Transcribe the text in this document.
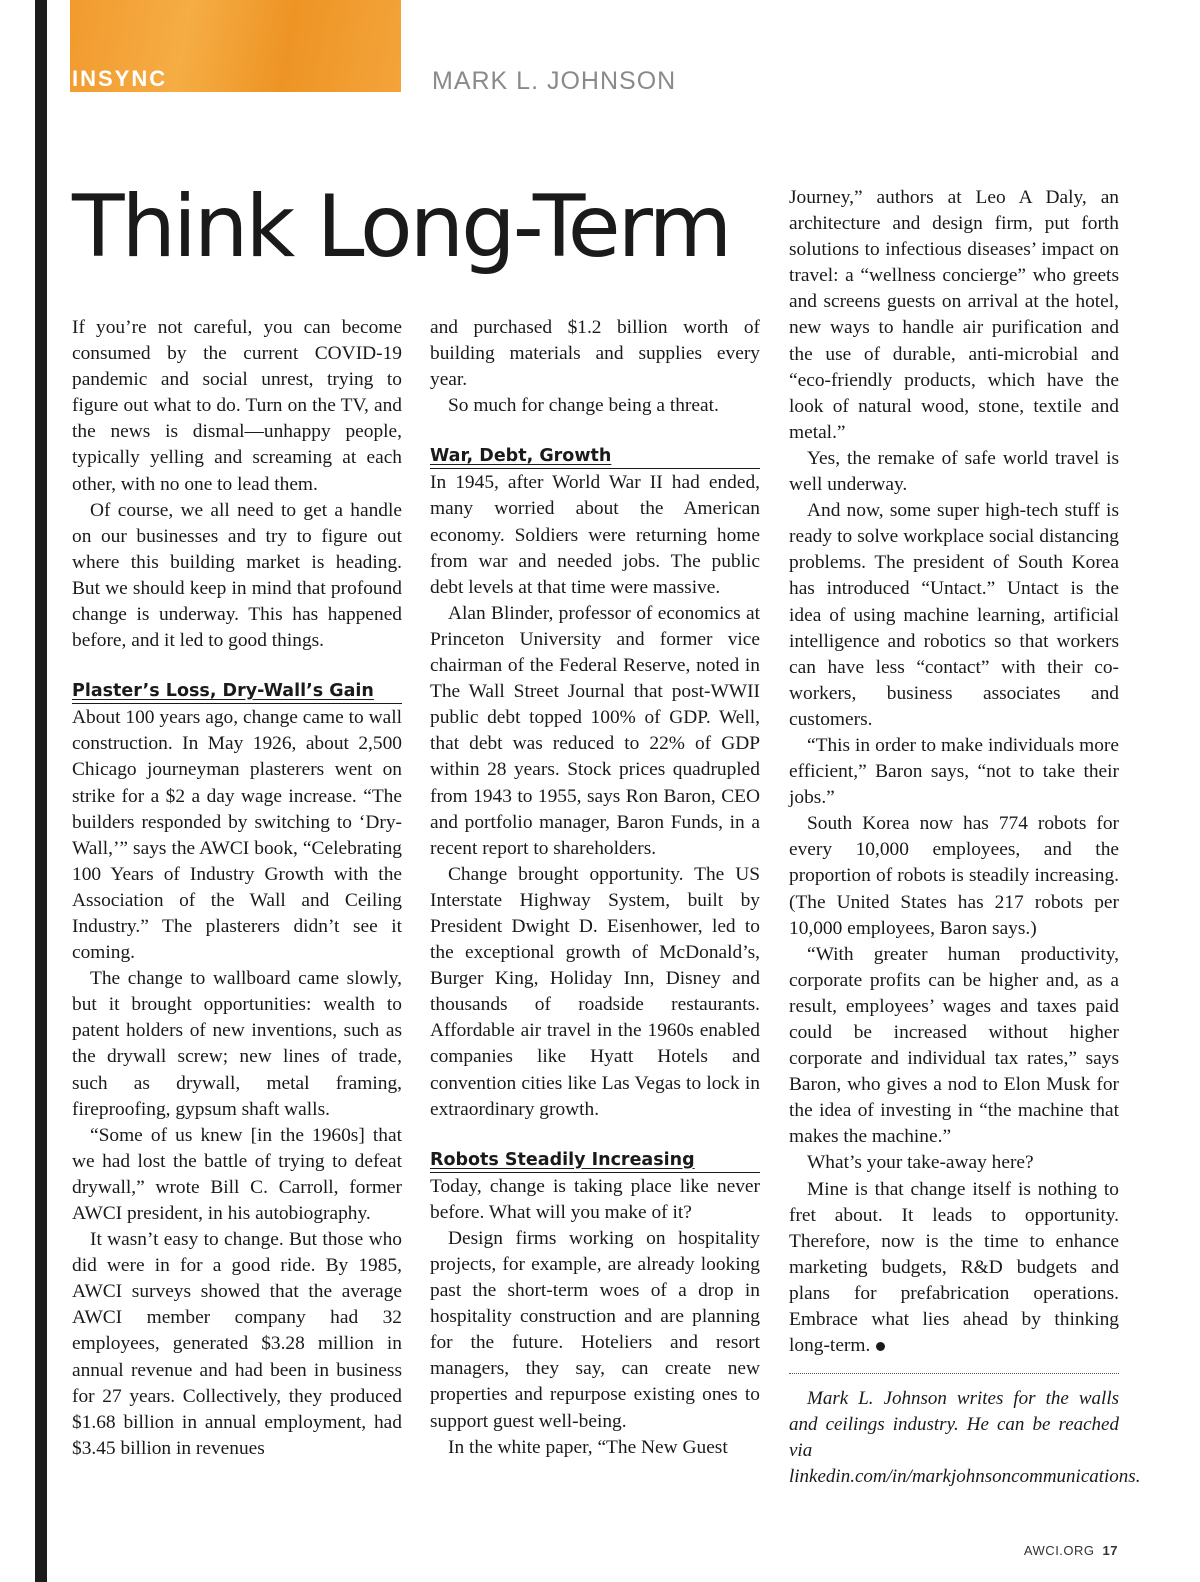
INSYNC	MARK L. JOHNSON
Think Long-Term

If you’re not careful, you can become consumed by the current COVID-19 pandemic and social unrest, trying to figure out what to do. Turn on the TV, and the news is dismal—unhappy people, typically yelling and screaming at each other, with no one to lead them.

Of course, we all need to get a handle on our businesses and try to figure out where this building market is heading. But we should keep in mind that profound change is underway. This has happened before, and it led to good things.

Plaster’s Loss, Dry-Wall’s Gain

About 100 years ago, change came to wall construction. In May 1926, about 2,500 Chicago journeyman plasterers went on strike for a $2 a day wage increase. “The builders responded by switching to ‘Dry-Wall,’” says the AWCI book, “Celebrating 100 Years of Industry Growth with the Association of the Wall and Ceiling Industry.” The plasterers didn’t see it coming.

The change to wallboard came slowly, but it brought opportunities: wealth to patent holders of new inventions, such as the drywall screw; new lines of trade, such as drywall, metal framing, fireproofing, gypsum shaft walls.

“Some of us knew [in the 1960s] that we had lost the battle of trying to defeat drywall,” wrote Bill C. Carroll, former AWCI president, in his autobiography.

It wasn’t easy to change. But those who did were in for a good ride. By 1985, AWCI surveys showed that the average AWCI member company had 32 employees, generated $3.28 million in annual revenue and had been in business for 27 years. Collectively, they produced $1.68 billion in annual employment, had $3.45 billion in revenues

and purchased $1.2 billion worth of building materials and supplies every year.

So much for change being a threat.

War, Debt, Growth

In 1945, after World War II had ended, many worried about the American economy. Soldiers were returning home from war and needed jobs. The public debt levels at that time were massive.

Alan Blinder, professor of economics at Princeton University and former vice chairman of the Federal Reserve, noted in The Wall Street Journal that post-WWII public debt topped 100% of GDP. Well, that debt was reduced to 22% of GDP within 28 years. Stock prices quadrupled from 1943 to 1955, says Ron Baron, CEO and portfolio manager, Baron Funds, in a recent report to shareholders.

Change brought opportunity. The US Interstate Highway System, built by President Dwight D. Eisenhower, led to the exceptional growth of McDonald’s, Burger King, Holiday Inn, Disney and thousands of roadside restaurants. Affordable air travel in the 1960s enabled companies like Hyatt Hotels and convention cities like Las Vegas to lock in extraordinary growth.

Robots Steadily Increasing

Today, change is taking place like never before. What will you make of it?

Design firms working on hospitality projects, for example, are already looking past the short-term woes of a drop in hospitality construction and are planning for the future. Hoteliers and resort managers, they say, can create new properties and repurpose existing ones to support guest well-being.

In the white paper, “The New Guest

Journey,” authors at Leo A Daly, an architecture and design firm, put forth solutions to infectious diseases’ impact on travel: a “wellness concierge” who greets and screens guests on arrival at the hotel, new ways to handle air purification and the use of durable, anti-microbial and “eco-friendly products, which have the look of natural wood, stone, textile and metal.”

Yes, the remake of safe world travel is well underway.

And now, some super high-tech stuff is ready to solve workplace social distancing problems. The president of South Korea has introduced “Untact.” Untact is the idea of using machine learning, artificial intelligence and robotics so that workers can have less “contact” with their co-workers, business associates and customers.

“This in order to make individuals more efficient,” Baron says, “not to take their jobs.”

South Korea now has 774 robots for every 10,000 employees, and the proportion of robots is steadily increasing. (The United States has 217 robots per 10,000 employees, Baron says.)

“With greater human productivity, corporate profits can be higher and, as a result, employees’ wages and taxes paid could be increased without higher corporate and individual tax rates,” says Baron, who gives a nod to Elon Musk for the idea of investing in “the machine that makes the machine.”

What’s your take-away here?

Mine is that change itself is nothing to fret about. It leads to opportunity. Therefore, now is the time to enhance marketing budgets, R&D budgets and plans for prefabrication operations. Embrace what lies ahead by thinking long-term.

Mark L. Johnson writes for the walls and ceilings industry. He can be reached via linkedin.com/in/markjohnsoncommunications.

AWCI.ORG 17
